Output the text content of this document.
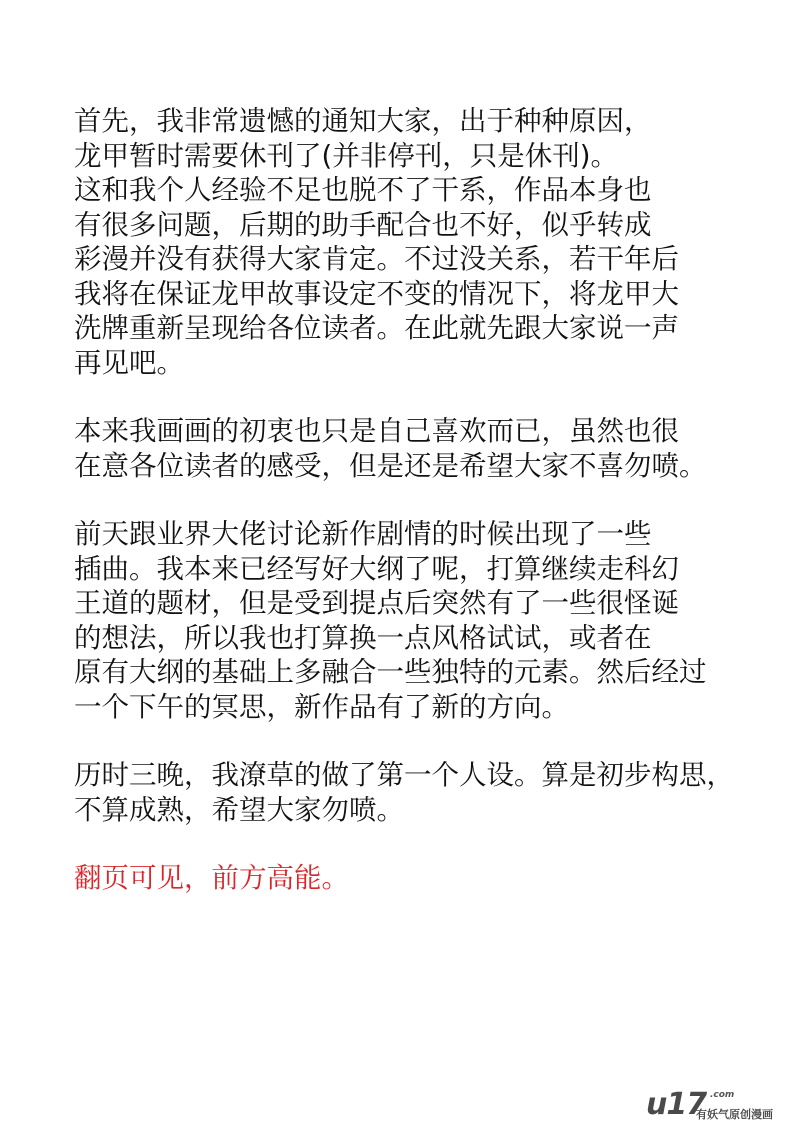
首先，我非常遗憾的通知大家，出于种种原因，
龙甲暂时需要休刊了(并非停刊，只是休刊)。
这和我个人经验不足也脱不了干系，作品本身也
有很多问题，后期的助手配合也不好，似乎转成
彩漫并没有获得大家肯定。不过没关系，若干年后
我将在保证龙甲故事设定不变的情况下，将龙甲大
洗牌重新呈现给各位读者。在此就先跟大家说一声
再见吧。
本来我画画的初衷也只是自己喜欢而已，虽然也很
在意各位读者的感受，但是还是希望大家不喜勿喷。
前天跟业界大佬讨论新作剧情的时候出现了一些
插曲。我本来已经写好大纲了呢，打算继续走科幻
王道的题材，但是受到提点后突然有了一些很怪诞
的想法，所以我也打算换一点风格试试，或者在
原有大纲的基础上多融合一些独特的元素。然后经过
一个下午的冥思，新作品有了新的方向。
历时三晚，我潦草的做了第一个人设。算是初步构思，
不算成熟，希望大家勿喷。
翻页可见，前方高能。
u17 .com
有妖气原创漫画
